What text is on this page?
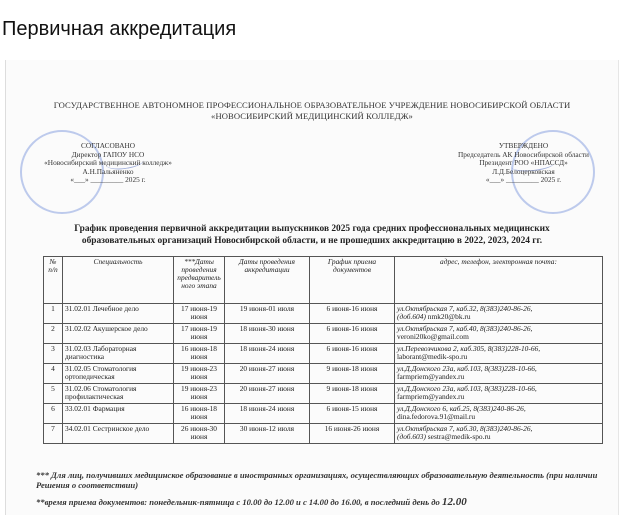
Первичная аккредитация
ГОСУДАРСТВЕННОЕ АВТОНОМНОЕ ПРОФЕССИОНАЛЬНОЕ ОБРАЗОВАТЕЛЬНОЕ УЧРЕЖДЕНИЕ НОВОСИБИРСКОЙ ОБЛАСТИ
«НОВОСИБИРСКИЙ МЕДИЦИНСКИЙ КОЛЛЕДЖ»
СОГЛАСОВАНО
Директор ГАПОУ НСО
«Новосибирский медицинский колледж»
А.Н.Пальяненко
«___» _________ 2025 г.
УТВЕРЖДЕНО
Председатель АК Новосибирской области
Президент РОО «НПАССД»
Л.Д.Белоцерковская
«___» _________ 2025 г.
График проведения первичной аккредитации выпускников 2025 года средних профессиональных медицинских
образовательных организаций Новосибирской области, и не прошедших аккредитацию в 2022, 2023, 2024 гг.
№ п/п	Специальность	***Даты проведения предваритель ного этапа	Даты проведения аккредитации	График приема документов	адрес, телефон, электронная почта:
1	31.02.01 Лечебное дело	17 июня-19 июня	19 июня-01 июля	6 июня-16 июня	ул.Октябрьская 7, каб.32, 8(383)240-86-26,
(доб.604) nmk20@bk.ru
2	31.02.02 Акушерское дело	17 июня-19 июня	18 июня-30 июня	6 июня-16 июня	ул.Октябрьская 7, каб.40, 8(383)240-86-26,
veroni20ko@gmail.com
3	31.02.03 Лабораторная диагностика	16 июня-18 июня	18 июня-24 июня	6 июня-16 июня	ул.Перевозчикова 2, каб.305, 8(383)228-10-66,
laborant@medik-spo.ru
4	31.02.05 Стоматология ортопедическая	19 июня-23 июня	20 июня-27 июня	9 июня-18 июня	ул.Д.Донского 23а, каб.103, 8(383)228-10-66,
farmpriem@yandex.ru
5	31.02.06 Стоматология профилактическая	19 июня-23 июня	20 июня-27 июня	9 июня-18 июня	ул.Д.Донского 23а, каб.103, 8(383)228-10-66,
farmpriem@yandex.ru
6	33.02.01 Фармация	16 июня-18 июня	18 июня-24 июня	6 июня-15 июня	ул.Д.Донского 6, каб.25, 8(383)240-86-26,
dina.fedorova.91@mail.ru
7	34.02.01 Сестринское дело	26 июня-30 июня	30 июня-12 июля	16 июня-26 июня	ул.Октябрьская 7, каб.30, 8(383)240-86-26,
(доб.603) sestra@medik-spo.ru
*** Для лиц, получивших медицинское образование в иностранных организациях, осуществляющих образовательную деятельность (при наличии Решения о соответствии)
**время приема документов: понедельник-пятница с 10.00 до 12.00 и с 14.00 до 16.00, в последний день до 12.00
